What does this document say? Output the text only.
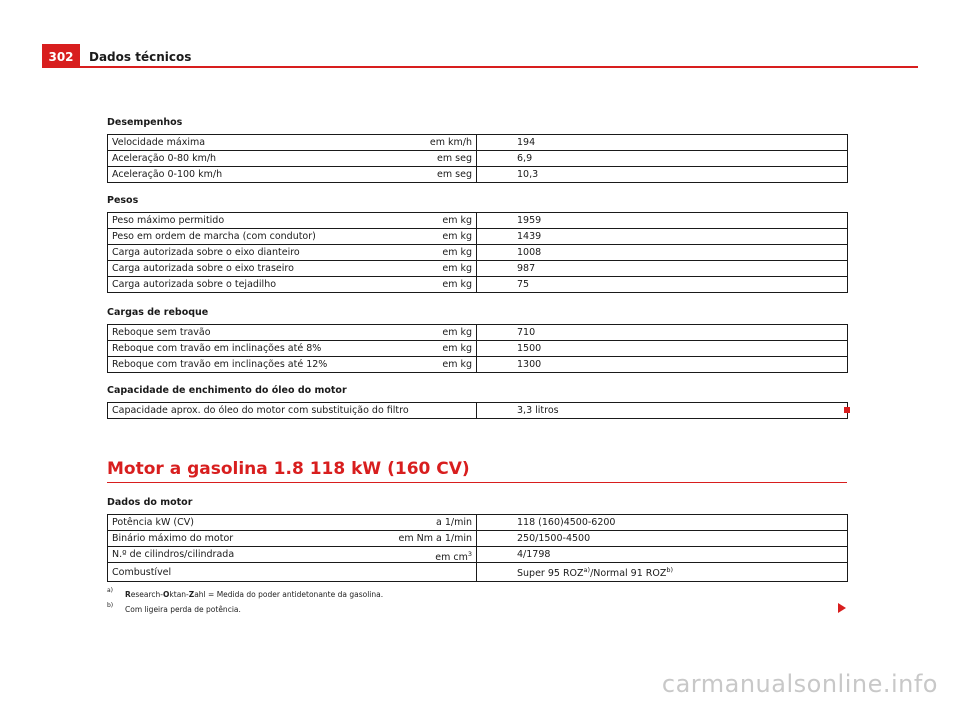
302	Dados técnicos
Desempenhos
Velocidade máxima em km/h	194
Aceleração 0-80 km/h em seg	6,9
Aceleração 0-100 km/h em seg	10,3
Pesos
Peso máximo permitido em kg	1959
Peso em ordem de marcha (com condutor) em kg	1439
Carga autorizada sobre o eixo dianteiro em kg	1008
Carga autorizada sobre o eixo traseiro em kg	987
Carga autorizada sobre o tejadilho em kg	75
Cargas de reboque
Reboque sem travão em kg	710
Reboque com travão em inclinações até 8% em kg	1500
Reboque com travão em inclinações até 12% em kg	1300
Capacidade de enchimento do óleo do motor
Capacidade aprox. do óleo do motor com substituição do filtro	3,3 litros
Motor a gasolina 1.8 118 kW (160 CV)
Dados do motor
Potência kW (CV) a 1/min	118 (160)4500-6200
Binário máximo do motor em Nm a 1/min	250/1500-4500
N.º de cilindros/cilindrada em $cm^3$	4/1798
Combustível	Super 95 ROZ$^{a)}$/Normal 91 ROZ$^{b)}$
a) Research-Oktan-Zahl = Medida do poder antidetonante da gasolina.
b) Com ligeira perda de potência.
carmanualsonline.info
